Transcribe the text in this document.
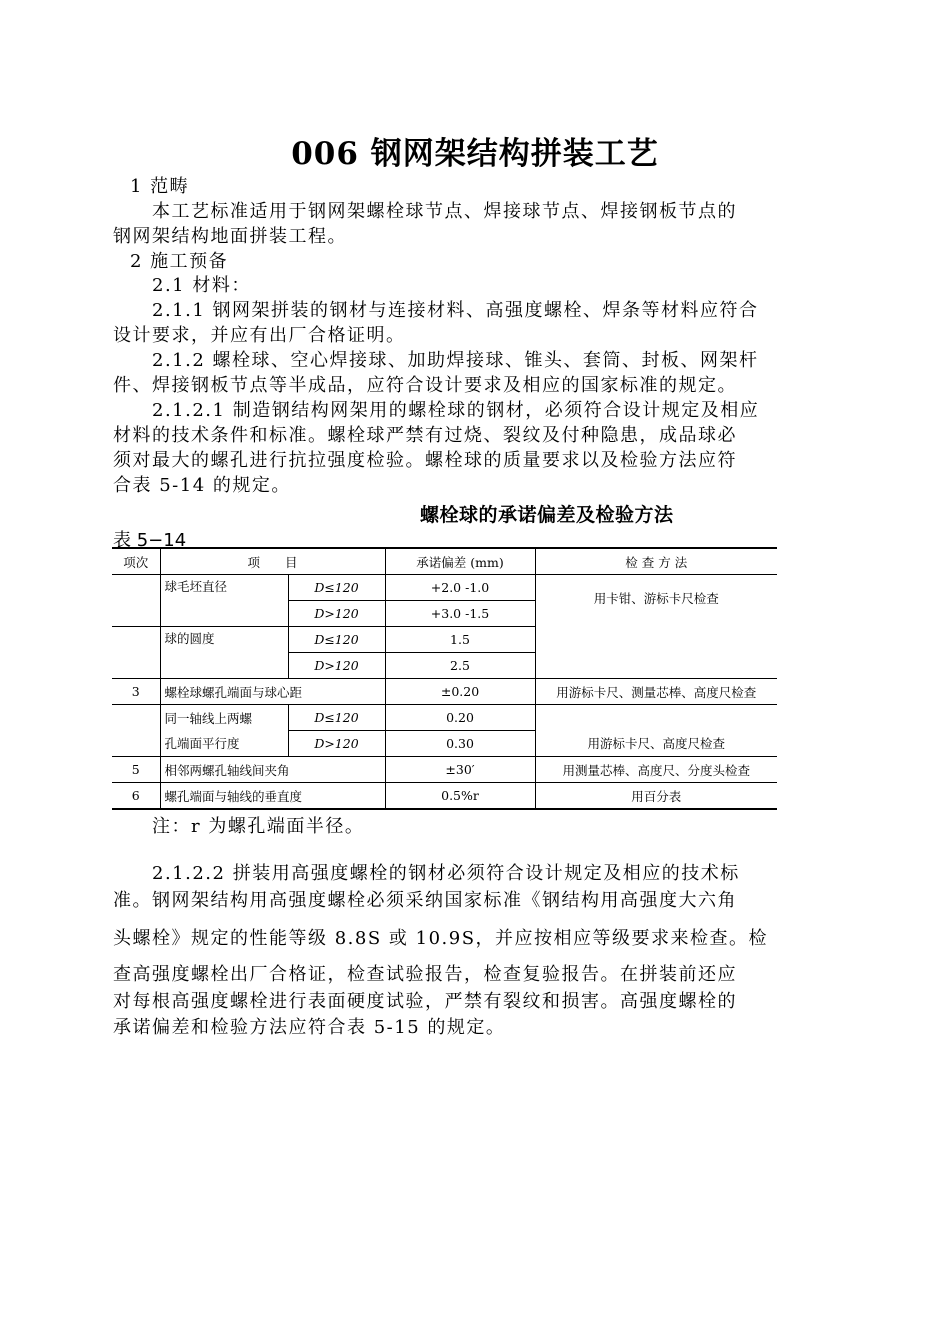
006 钢网架结构拼装工艺
1 范畴
本工艺标准适用于钢网架螺栓球节点、焊接球节点、焊接钢板节点的
钢网架结构地面拼装工程。
2 施工预备
2.1 材料：
2.1.1 钢网架拼装的钢材与连接材料、高强度螺栓、焊条等材料应符合
设计要求，并应有出厂合格证明。
2.1.2 螺栓球、空心焊接球、加助焊接球、锥头、套筒、封板、网架杆
件、焊接钢板节点等半成品，应符合设计要求及相应的国家标准的规定。
2.1.2.1 制造钢结构网架用的螺栓球的钢材，必须符合设计规定及相应
材料的技术条件和标准。螺栓球严禁有过烧、裂纹及付种隐患，成品球必
须对最大的螺孔进行抗拉强度检验。螺栓球的质量要求以及检验方法应符
合表 5-14 的规定。
螺栓球的承诺偏差及检验方法
表 5−14
项次	项　　目		承诺偏差 (mm)	检 查 方 法
	球毛坯直径	D≤120	+2.0 -1.0	用卡钳、游标卡尺检查
		D>120	+3.0 -1.5	
	球的圆度	D≤120	1.5	
		D>120	2.5	
3	螺栓球螺孔端面与球心距		±0.20	用游标卡尺、测量芯棒、高度尺检查
	同一轴线上两螺	D≤120	0.20	用游标卡尺、高度尺检查
	孔端面平行度	D>120	0.30	
5	相邻两螺孔轴线间夹角		±30′	用测量芯棒、高度尺、分度头检查
6	螺孔端面与轴线的垂直度		0.5%r	用百分表
注：r 为螺孔端面半径。
2.1.2.2 拼装用高强度螺栓的钢材必须符合设计规定及相应的技术标
准。钢网架结构用高强度螺栓必须采纳国家标准《钢结构用高强度大六角
头螺栓》规定的性能等级 8.8S 或 10.9S，并应按相应等级要求来检查。检
查高强度螺栓出厂合格证，检查试验报告，检查复验报告。在拼装前还应
对每根高强度螺栓进行表面硬度试验，严禁有裂纹和损害。高强度螺栓的
承诺偏差和检验方法应符合表 5-15 的规定。
